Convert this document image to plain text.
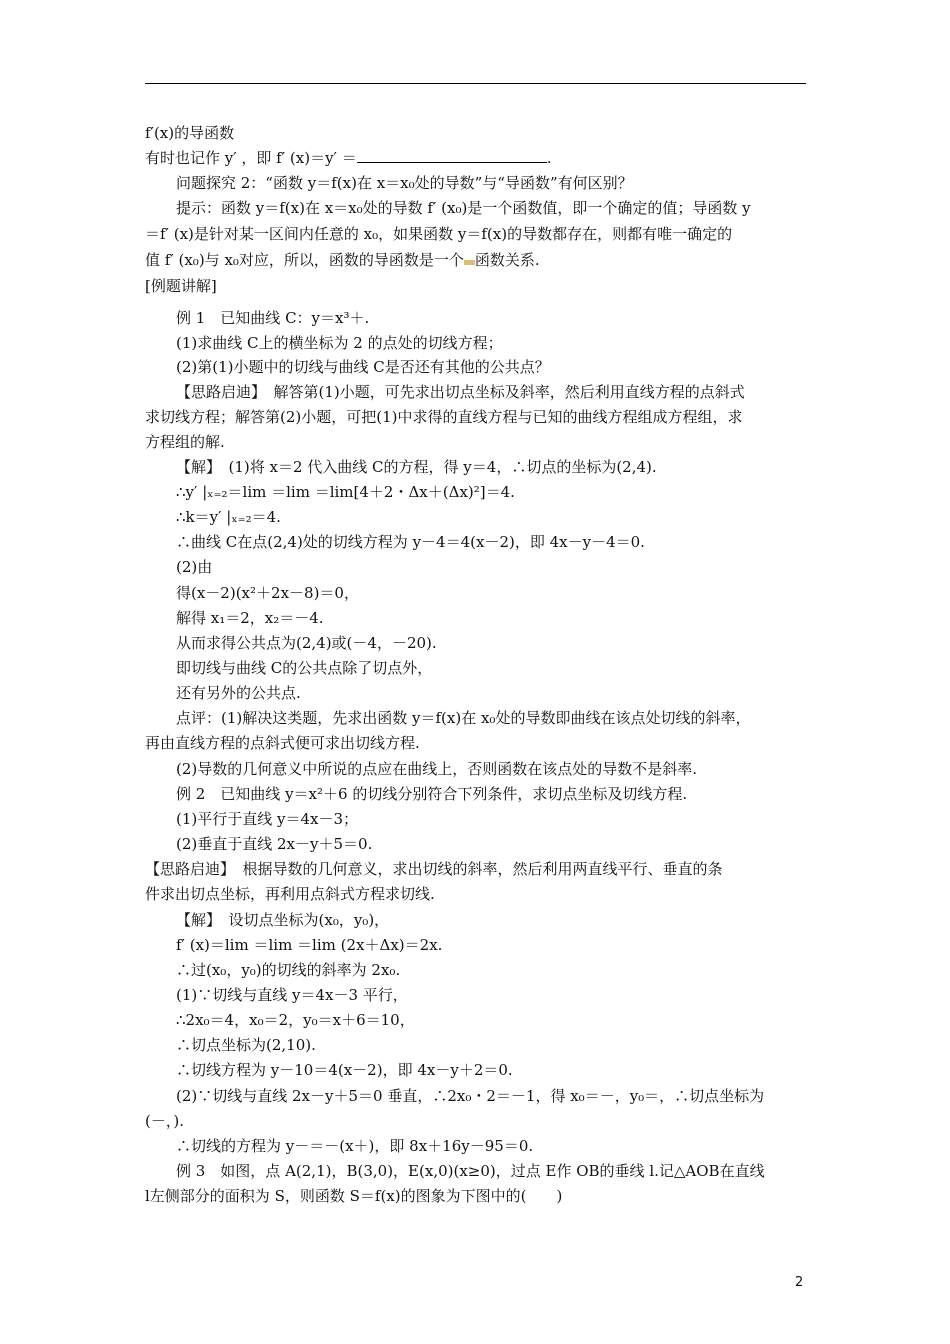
f′(x)的导函数
有时也记作 y′ ，即 f′ (x)＝y′ ＝	.
问题探究 2：“函数 y＝f(x)在 x＝x₀处的导数”与“导函数”有何区别？
提示：函数 y＝f(x)在 x＝x₀处的导数 f′ (x₀)是一个函数值，即一个确定的值；导函数 y
＝f′ (x)是针对某一区间内任意的 x₀，如果函数 y＝f(x)的导数都存在，则都有唯一确定的
值 f′ (x₀)与 x₀对应，所以，函数的导函数是一个 函数关系.
[例题讲解]
例 1　已知曲线 C：y＝x³＋.
(1)求曲线 C上的横坐标为 2 的点处的切线方程；
(2)第(1)小题中的切线与曲线 C是否还有其他的公共点？
【思路启迪】　解答第(1)小题，可先求出切点坐标及斜率，然后利用直线方程的点斜式
求切线方程；解答第(2)小题，可把(1)中求得的直线方程与已知的曲线方程组成方程组，求
方程组的解.
【解】　(1)将 x＝2 代入曲线 C的方程，得 y＝4，∴切点的坐标为(2,4).
∴y′ |ₓ₌₂＝lim ＝lim ＝lim[4＋2・Δx＋(Δx)²]＝4.
∴k＝y′ |ₓ₌₂＝4.
∴曲线 C在点(2,4)处的切线方程为 y－4＝4(x－2)，即 4x－y－4＝0.
(2)由
得(x－2)(x²＋2x－8)＝0，
解得 x₁＝2，x₂＝－4.
从而求得公共点为(2,4)或(－4，－20).
即切线与曲线 C的公共点除了切点外，
还有另外的公共点.
点评：(1)解决这类题，先求出函数 y＝f(x)在 x₀处的导数即曲线在该点处切线的斜率，
再由直线方程的点斜式便可求出切线方程.
(2)导数的几何意义中所说的点应在曲线上，否则函数在该点处的导数不是斜率.
例 2　已知曲线 y＝x²＋6 的切线分别符合下列条件，求切点坐标及切线方程.
(1)平行于直线 y＝4x－3；
(2)垂直于直线 2x－y＋5＝0.
【思路启迪】　根据导数的几何意义，求出切线的斜率，然后利用两直线平行、垂直的条
件求出切点坐标，再利用点斜式方程求切线.
【解】　设切点坐标为(x₀，y₀)，
f′ (x)＝lim ＝lim ＝lim (2x＋Δx)＝2x.
∴过(x₀，y₀)的切线的斜率为 2x₀.
(1)∵切线与直线 y＝4x－3 平行，
∴2x₀＝4，x₀＝2，y₀＝x＋6＝10，
∴切点坐标为(2,10).
∴切线方程为 y－10＝4(x－2)，即 4x－y＋2＝0.
(2)∵切线与直线 2x－y＋5＝0 垂直，∴2x₀・2＝－1，得 x₀＝－，y₀＝，∴切点坐标为
(－，).
∴切线的方程为 y－＝－(x＋)，即 8x＋16y－95＝0.
例 3　如图，点 A(2,1)，B(3,0)，E(x,0)(x≥0)，过点 E作 OB的垂线 l.记△AOB在直线
l左侧部分的面积为 S，则函数 S＝f(x)的图象为下图中的( )
2
